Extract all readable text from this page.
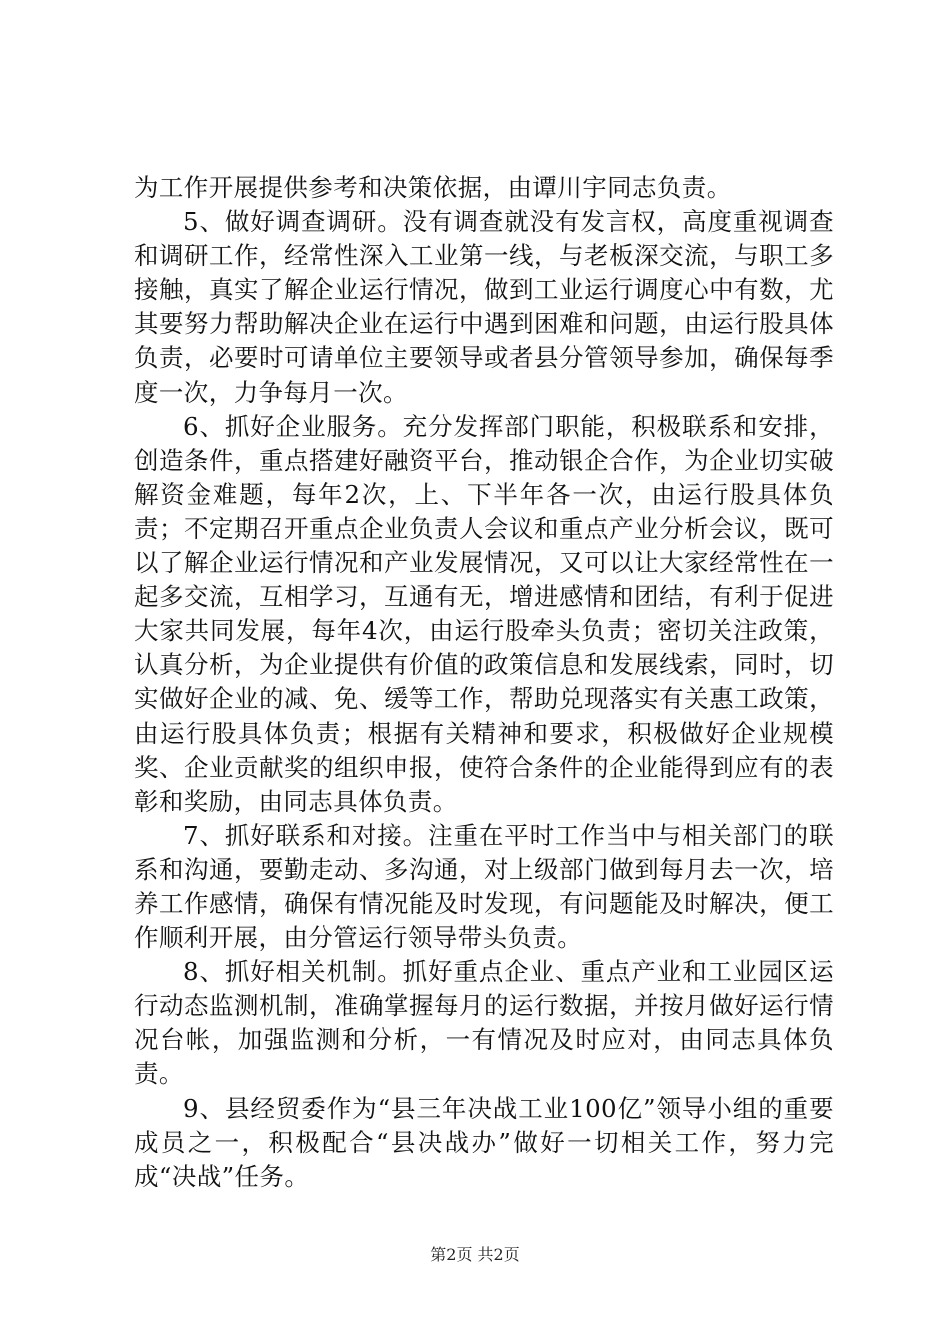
为工作开展提供参考和决策依据，由谭川宇同志负责。

5、做好调查调研。没有调查就没有发言权，高度重视调查和调研工作，经常性深入工业第一线，与老板深交流，与职工多接触，真实了解企业运行情况，做到工业运行调度心中有数，尤其要努力帮助解决企业在运行中遇到困难和问题，由运行股具体负责，必要时可请单位主要领导或者县分管领导参加，确保每季度一次，力争每月一次。

6、抓好企业服务。充分发挥部门职能，积极联系和安排，创造条件，重点搭建好融资平台，推动银企合作，为企业切实破解资金难题，每年2次，上、下半年各一次，由运行股具体负责；不定期召开重点企业负责人会议和重点产业分析会议，既可以了解企业运行情况和产业发展情况，又可以让大家经常性在一起多交流，互相学习，互通有无，增进感情和团结，有利于促进大家共同发展，每年4次，由运行股牵头负责；密切关注政策，认真分析，为企业提供有价值的政策信息和发展线索，同时，切实做好企业的减、免、缓等工作，帮助兑现落实有关惠工政策，由运行股具体负责；根据有关精神和要求，积极做好企业规模奖、企业贡献奖的组织申报，使符合条件的企业能得到应有的表彰和奖励，由同志具体负责。

7、抓好联系和对接。注重在平时工作当中与相关部门的联系和沟通，要勤走动、多沟通，对上级部门做到每月去一次，培养工作感情，确保有情况能及时发现，有问题能及时解决，便工作顺利开展，由分管运行领导带头负责。

8、抓好相关机制。抓好重点企业、重点产业和工业园区运行动态监测机制，准确掌握每月的运行数据，并按月做好运行情况台帐，加强监测和分析，一有情况及时应对，由同志具体负责。

9、县经贸委作为“县三年决战工业100亿”领导小组的重要成员之一，积极配合“县决战办”做好一切相关工作，努力完成“决战”任务。

第2页 共2页
